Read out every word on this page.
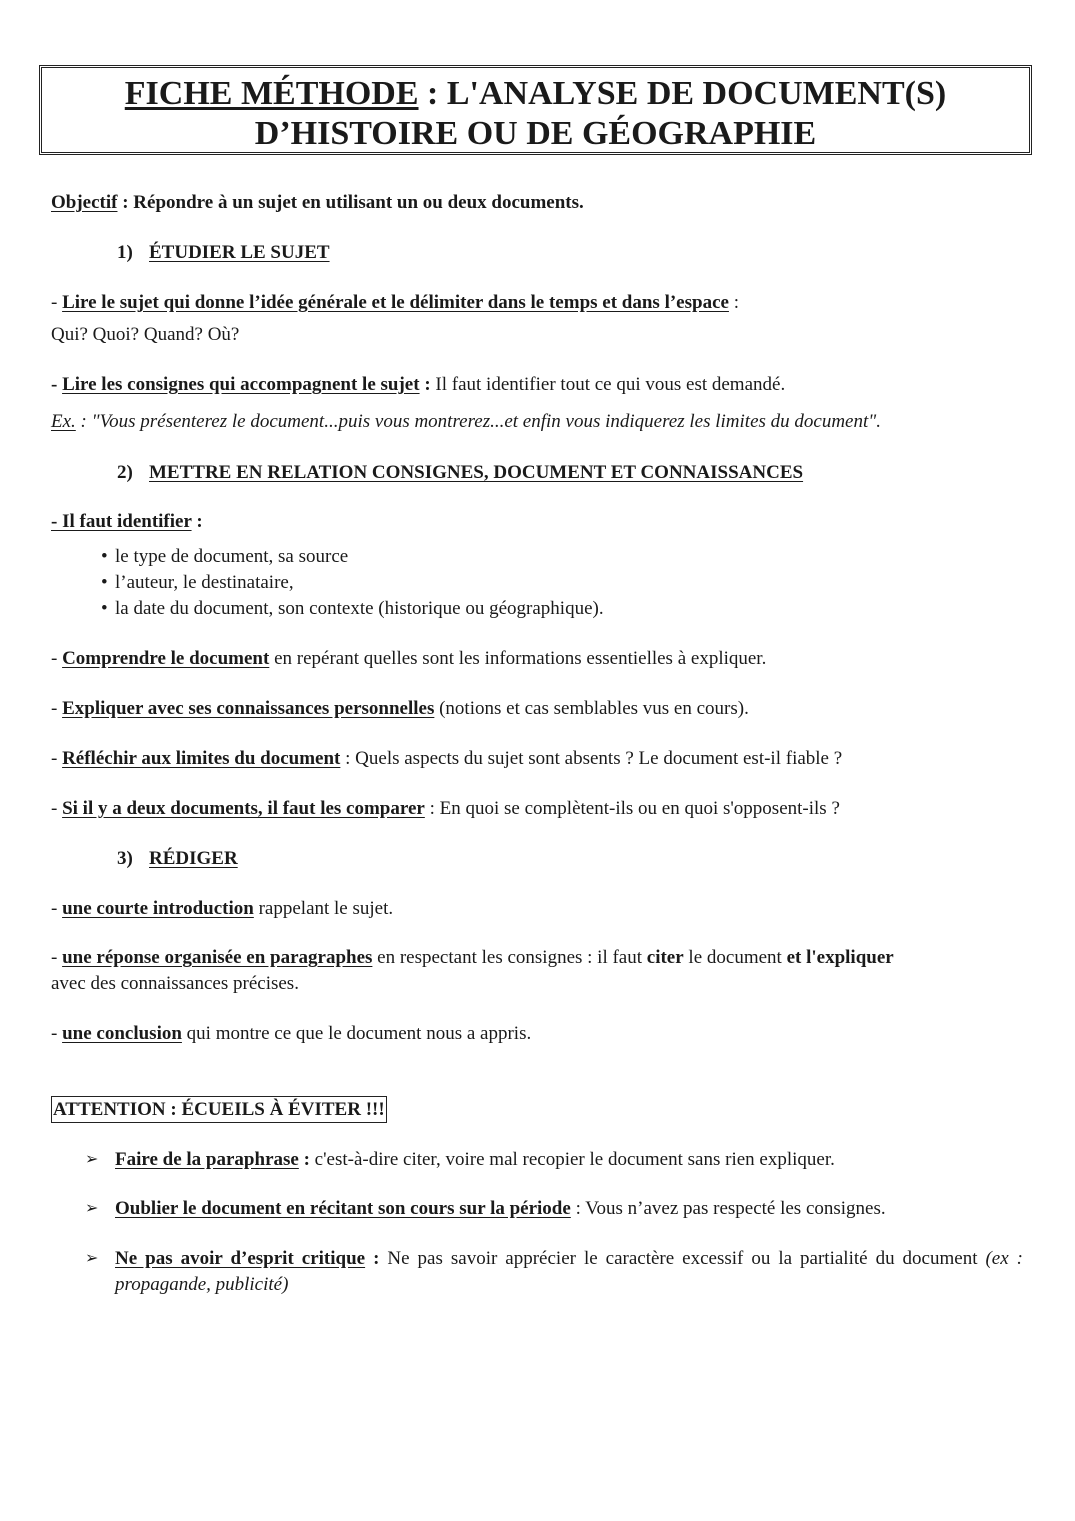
FICHE MÉTHODE : L'ANALYSE DE DOCUMENT(S)
D’HISTOIRE OU DE GÉOGRAPHIE
Objectif : Répondre à un sujet en utilisant un ou deux documents.
1) ÉTUDIER LE SUJET
- Lire le sujet qui donne l’idée générale et le délimiter dans le temps et dans l’espace :
Qui? Quoi? Quand? Où?
- Lire les consignes qui accompagnent le sujet : Il faut identifier tout ce qui vous est demandé.
Ex. : "Vous présenterez le document...puis vous montrerez...et enfin vous indiquerez les limites du document".
2) METTRE EN RELATION CONSIGNES, DOCUMENT ET CONNAISSANCES
- Il faut identifier :
• le type de document, sa source
• l’auteur, le destinataire,
• la date du document, son contexte (historique ou géographique).
- Comprendre le document en repérant quelles sont les informations essentielles à expliquer.
- Expliquer avec ses connaissances personnelles (notions et cas semblables vus en cours).
- Réfléchir aux limites du document : Quels aspects du sujet sont absents ? Le document est-il fiable ?
- Si il y a deux documents, il faut les comparer : En quoi se complètent-ils ou en quoi s'opposent-ils ?
3) RÉDIGER
- une courte introduction rappelant le sujet.
- une réponse organisée en paragraphes en respectant les consignes : il faut citer le document et l'expliquer
avec des connaissances précises.
- une conclusion qui montre ce que le document nous a appris.
ATTENTION : ÉCUEILS À ÉVITER !!!
➢ Faire de la paraphrase : c'est-à-dire citer, voire mal recopier le document sans rien expliquer.
➢ Oublier le document en récitant son cours sur la période : Vous n’avez pas respecté les consignes.
➢ Ne pas avoir d’esprit critique : Ne pas savoir apprécier le caractère excessif ou la partialité du document (ex : propagande, publicité)
